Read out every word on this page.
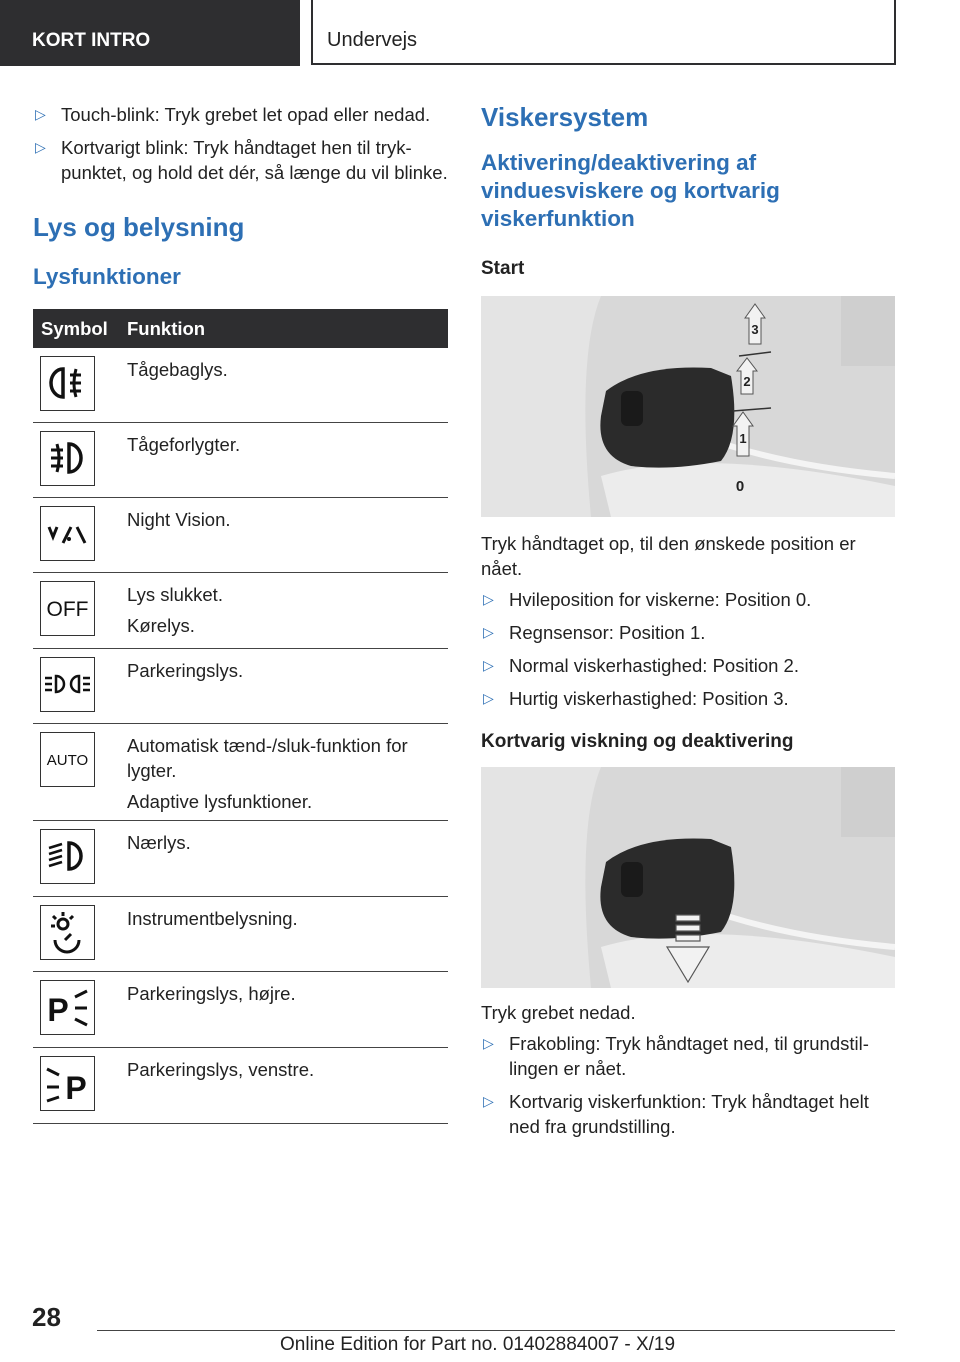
KORT INTRO	Undervejs
▷ Touch-blink: Tryk grebet let opad eller nedad.
▷ Kortvarigt blink: Tryk håndtaget hen til tryk-punktet, og hold det dér, så længe du vil blinke.
Lys og belysning
Lysfunktioner
Symbol Funktion

Tågebaglys.

Tågeforlygter.

Night Vision.

OFF

Lys slukket.

Kørelys.

Parkeringslys.

AUTO

Automatisk tænd-/sluk-funktion for lygter.

Adaptive lysfunktioner.

Nærlys.

Instrumentbelysning.

P	Parkeringslys, højre.

P

Parkeringslys, venstre.

Viskersystem
Aktivering/deaktivering af vinduesviskere og kortvarig viskerfunktion
Start
3
2
1
0
Tryk håndtaget op, til den ønskede position er nået.
▷ Hvileposition for viskerne: Position 0.
▷ Regnsensor: Position 1.
▷ Normal viskerhastighed: Position 2.
▷ Hurtig viskerhastighed: Position 3.
Kortvarig viskning og deaktivering
Tryk grebet nedad.
▷ Frakobling: Tryk håndtaget ned, til grundstil-lingen er nået.
▷ Kortvarig viskerfunktion: Tryk håndtaget helt ned fra grundstilling.
28
Online Edition for Part no. 01402884007 - X/19
